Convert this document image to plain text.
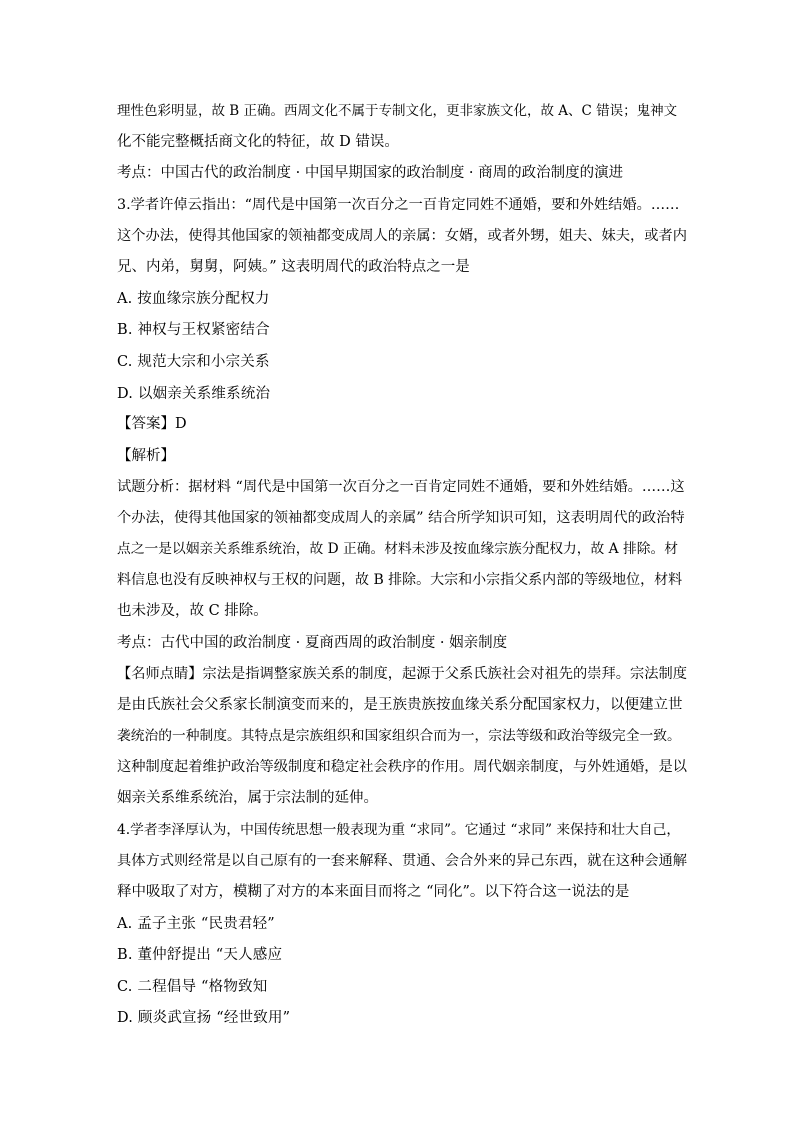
理性色彩明显，故 B 正确。西周文化不属于专制文化，更非家族文化，故 A、C 错误；鬼神文
化不能完整概括商文化的特征，故 D 错误。
考点：中国古代的政治制度 · 中国早期国家的政治制度 · 商周的政治制度的演进
3.学者许倬云指出：“周代是中国第一次百分之一百肯定同姓不通婚，要和外姓结婚。……
这个办法，使得其他国家的领袖都变成周人的亲属：女婿，或者外甥，姐夫、妹夫，或者内
兄、内弟，舅舅，阿姨。” 这表明周代的政治特点之一是
A. 按血缘宗族分配权力
B. 神权与王权紧密结合
C. 规范大宗和小宗关系
D. 以姻亲关系维系统治
【答案】D
【解析】
试题分析：据材料 “周代是中国第一次百分之一百肯定同姓不通婚，要和外姓结婚。……这
个办法，使得其他国家的领袖都变成周人的亲属” 结合所学知识可知，这表明周代的政治特
点之一是以姻亲关系维系统治，故 D 正确。材料未涉及按血缘宗族分配权力，故 A 排除。材
料信息也没有反映神权与王权的问题，故 B 排除。大宗和小宗指父系内部的等级地位，材料
也未涉及，故 C 排除。
考点：古代中国的政治制度 · 夏商西周的政治制度 · 姻亲制度
【名师点睛】宗法是指调整家族关系的制度，起源于父系氏族社会对祖先的崇拜。宗法制度
是由氏族社会父系家长制演变而来的，是王族贵族按血缘关系分配国家权力，以便建立世
袭统治的一种制度。其特点是宗族组织和国家组织合而为一，宗法等级和政治等级完全一致。
这种制度起着维护政治等级制度和稳定社会秩序的作用。周代姻亲制度，与外姓通婚，是以
姻亲关系维系统治，属于宗法制的延伸。
4.学者李泽厚认为，中国传统思想一般表现为重 “求同”。它通过 “求同” 来保持和壮大自己，
具体方式则经常是以自己原有的一套来解释、贯通、会合外来的异己东西，就在这种会通解
释中吸取了对方，模糊了对方的本来面目而将之 “同化”。以下符合这一说法的是
A. 孟子主张 “民贵君轻”
B. 董仲舒提出 “天人感应
C. 二程倡导 “格物致知
D. 顾炎武宣扬 “经世致用”
